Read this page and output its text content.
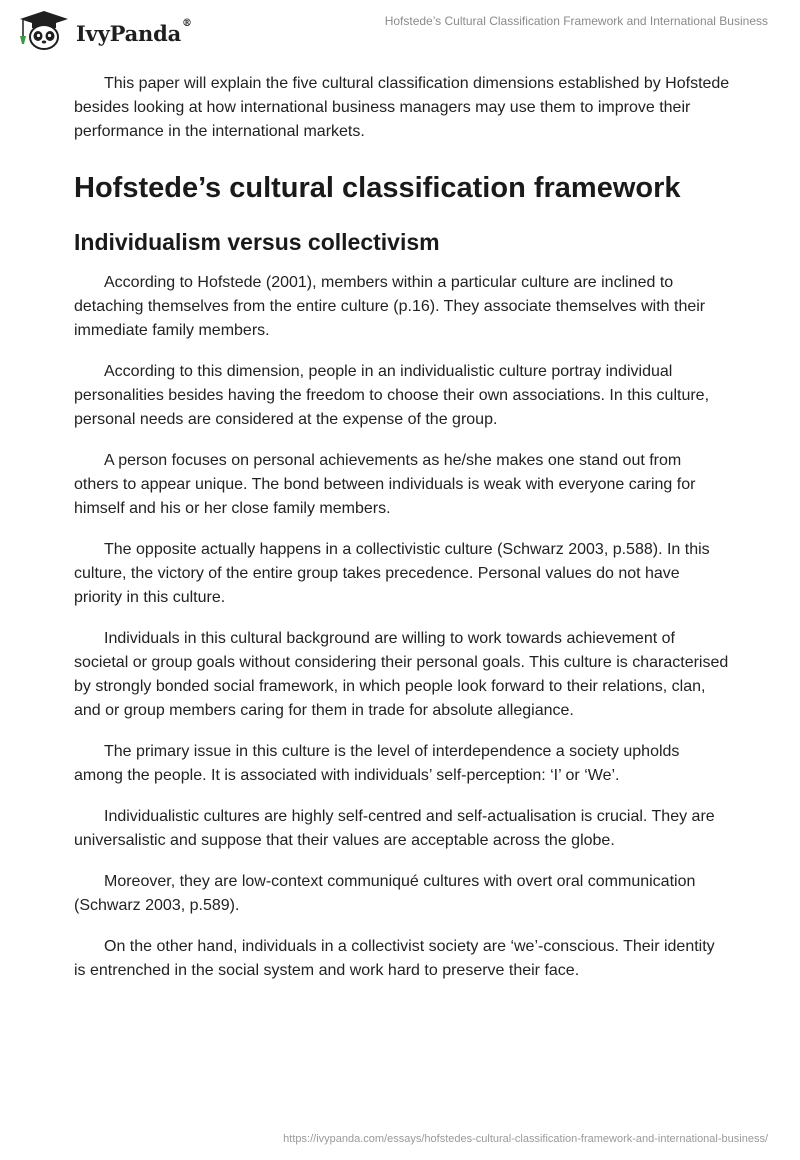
IvyPanda®	Hofstede’s Cultural Classification Framework and International Business

This paper will explain the five cultural classification dimensions established by Hofstede besides looking at how international business managers may use them to improve their performance in the international markets.

Hofstede’s cultural classification framework
Individualism versus collectivism

According to Hofstede (2001), members within a particular culture are inclined to detaching themselves from the entire culture (p.16). They associate themselves with their immediate family members.

According to this dimension, people in an individualistic culture portray individual personalities besides having the freedom to choose their own associations. In this culture, personal needs are considered at the expense of the group.

A person focuses on personal achievements as he/she makes one stand out from others to appear unique. The bond between individuals is weak with everyone caring for himself and his or her close family members.

The opposite actually happens in a collectivistic culture (Schwarz 2003, p.588). In this culture, the victory of the entire group takes precedence. Personal values do not have priority in this culture.

Individuals in this cultural background are willing to work towards achievement of societal or group goals without considering their personal goals. This culture is characterised by strongly bonded social framework, in which people look forward to their relations, clan, and or group members caring for them in trade for absolute allegiance.

The primary issue in this culture is the level of interdependence a society upholds among the people. It is associated with individuals’ self-perception: ‘I’ or ‘We’.

Individualistic cultures are highly self-centred and self-actualisation is crucial. They are universalistic and suppose that their values are acceptable across the globe.

Moreover, they are low-context communiqué cultures with overt oral communication (Schwarz 2003, p.589).

On the other hand, individuals in a collectivist society are ‘we’-conscious. Their identity is entrenched in the social system and work hard to preserve their face.

https://ivypanda.com/essays/hofstedes-cultural-classification-framework-and-international-business/
